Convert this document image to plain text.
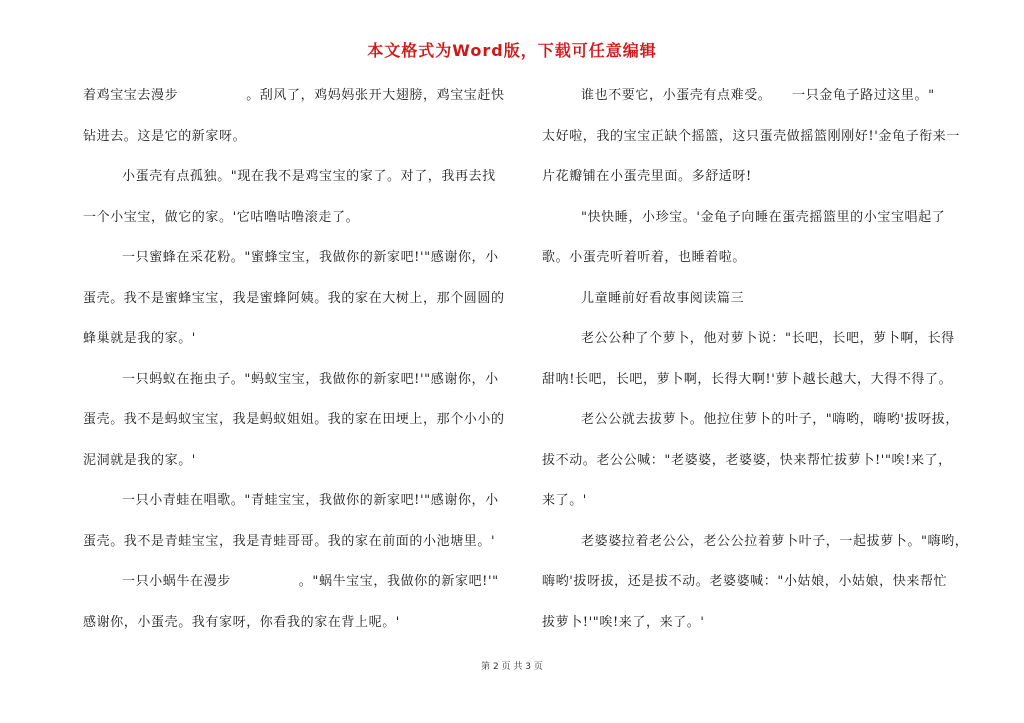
本文格式为Word版，下载可任意编辑
着鸡宝宝去漫步　　　　　。刮风了，鸡妈妈张开大翅膀，鸡宝宝赶快
钻进去。这是它的新家呀。
小蛋壳有点孤独。"现在我不是鸡宝宝的家了。对了，我再去找
一个小宝宝，做它的家。'它咕噜咕噜滚走了。
一只蜜蜂在采花粉。"蜜蜂宝宝，我做你的新家吧!'"感谢你，小
蛋壳。我不是蜜蜂宝宝，我是蜜蜂阿姨。我的家在大树上，那个圆圆的
蜂巢就是我的家。'
一只蚂蚁在拖虫子。"蚂蚁宝宝，我做你的新家吧!'"感谢你，小
蛋壳。我不是蚂蚁宝宝，我是蚂蚁姐姐。我的家在田埂上，那个小小的
泥洞就是我的家。'
一只小青蛙在唱歌。"青蛙宝宝，我做你的新家吧!'"感谢你，小
蛋壳。我不是青蛙宝宝，我是青蛙哥哥。我的家在前面的小池塘里。'
一只小蜗牛在漫步　　　　　。"蜗牛宝宝，我做你的新家吧!'"
感谢你，小蛋壳。我有家呀，你看我的家在背上呢。'
谁也不要它，小蛋壳有点难受。　　一只金龟子路过这里。"
太好啦，我的宝宝正缺个摇篮，这只蛋壳做摇篮刚刚好!'金龟子衔来一
片花瓣铺在小蛋壳里面。多舒适呀!
"快快睡，小珍宝。'金龟子向睡在蛋壳摇篮里的小宝宝唱起了
歌。小蛋壳听着听着，也睡着啦。
儿童睡前好看故事阅读篇三
老公公种了个萝卜，他对萝卜说："长吧，长吧，萝卜啊，长得
甜呐!长吧，长吧，萝卜啊，长得大啊!'萝卜越长越大，大得不得了。
老公公就去拔萝卜。他拉住萝卜的叶子，"嗨哟，嗨哟'拔呀拔，
拔不动。老公公喊："老婆婆，老婆婆，快来帮忙拔萝卜!'"唉!来了，
来了。'
老婆婆拉着老公公，老公公拉着萝卜叶子，一起拔萝卜。"嗨哟，
嗨哟'拔呀拔，还是拔不动。老婆婆喊："小姑娘，小姑娘，快来帮忙
拔萝卜!'"唉!来了，来了。'
第 2 页 共 3 页
